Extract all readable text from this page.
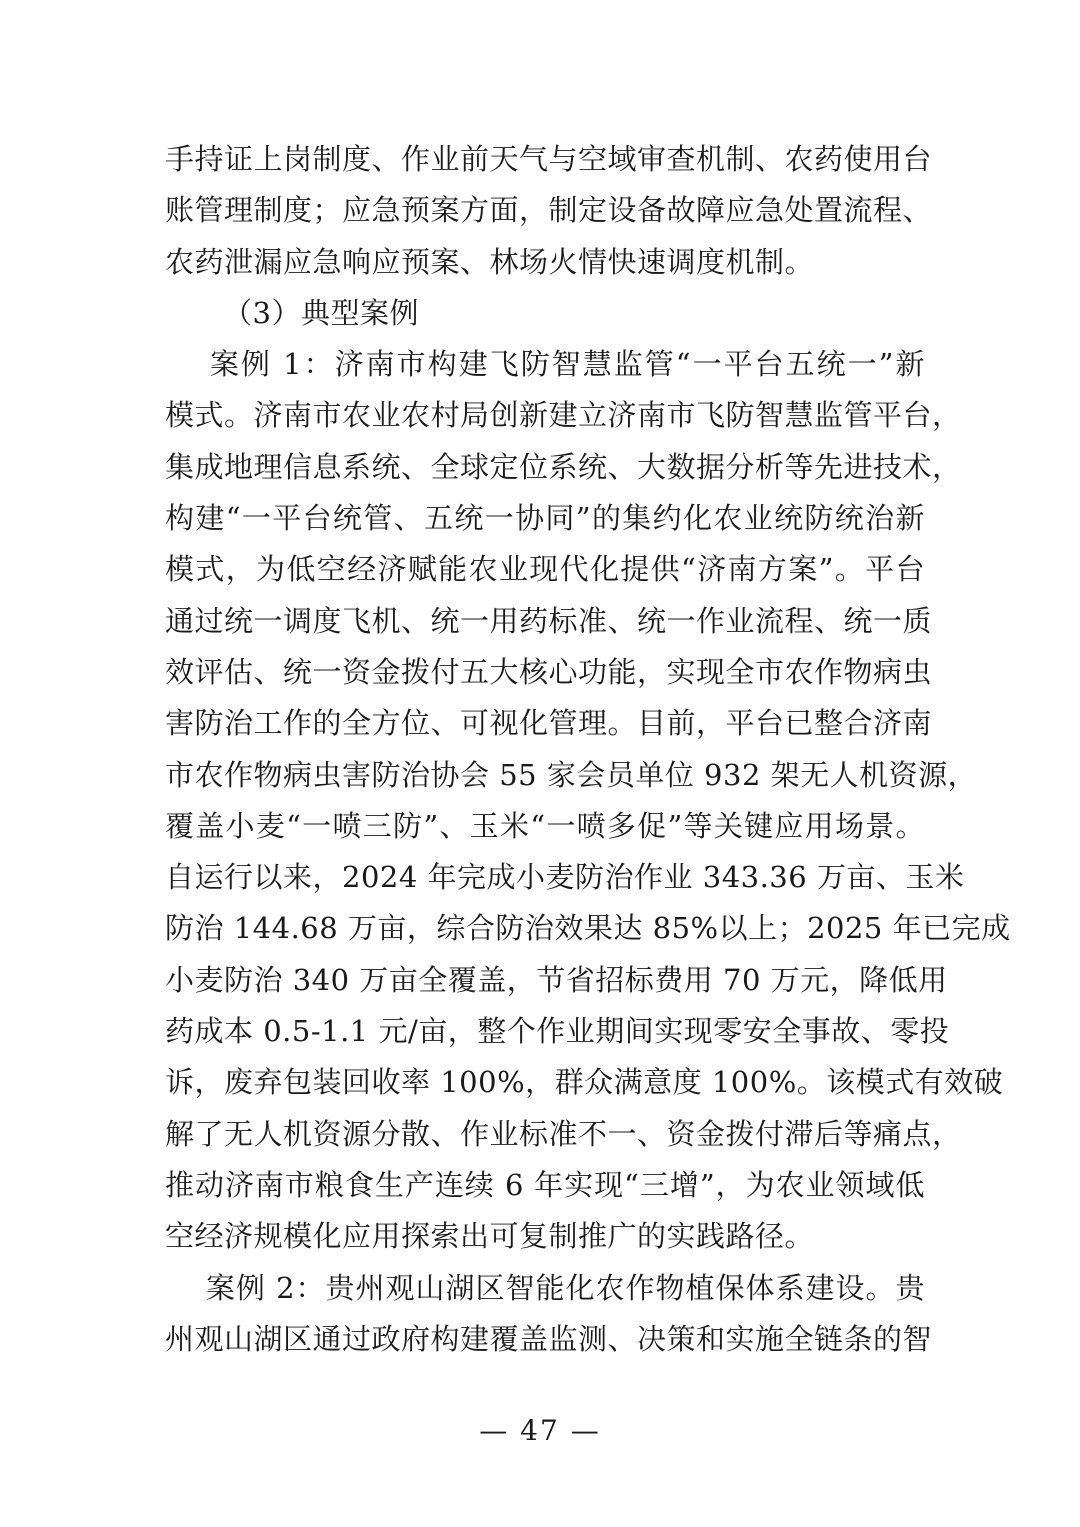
手持证上岗制度、作业前天气与空域审查机制、农药使用台
账管理制度；应急预案方面，制定设备故障应急处置流程、
农药泄漏应急响应预案、林场火情快速调度机制。
（3）典型案例
案例 1：济南市构建飞防智慧监管“一平台五统一”新
模式。济南市农业农村局创新建立济南市飞防智慧监管平台，
集成地理信息系统、全球定位系统、大数据分析等先进技术，
构建“一平台统管、五统一协同”的集约化农业统防统治新
模式，为低空经济赋能农业现代化提供“济南方案”。平台
通过统一调度飞机、统一用药标准、统一作业流程、统一质
效评估、统一资金拨付五大核心功能，实现全市农作物病虫
害防治工作的全方位、可视化管理。目前，平台已整合济南
市农作物病虫害防治协会 55 家会员单位 932 架无人机资源，
覆盖小麦“一喷三防”、玉米“一喷多促”等关键应用场景。
自运行以来，2024 年完成小麦防治作业 343.36 万亩、玉米
防治 144.68 万亩，综合防治效果达 85%以上；2025 年已完成
小麦防治 340 万亩全覆盖，节省招标费用 70 万元，降低用
药成本 0.5-1.1 元/亩，整个作业期间实现零安全事故、零投
诉，废弃包装回收率 100%，群众满意度 100%。该模式有效破
解了无人机资源分散、作业标准不一、资金拨付滞后等痛点，
推动济南市粮食生产连续 6 年实现“三增”，为农业领域低
空经济规模化应用探索出可复制推广的实践路径。
案例 2：贵州观山湖区智能化农作物植保体系建设。贵
州观山湖区通过政府构建覆盖监测、决策和实施全链条的智
— 47 —
